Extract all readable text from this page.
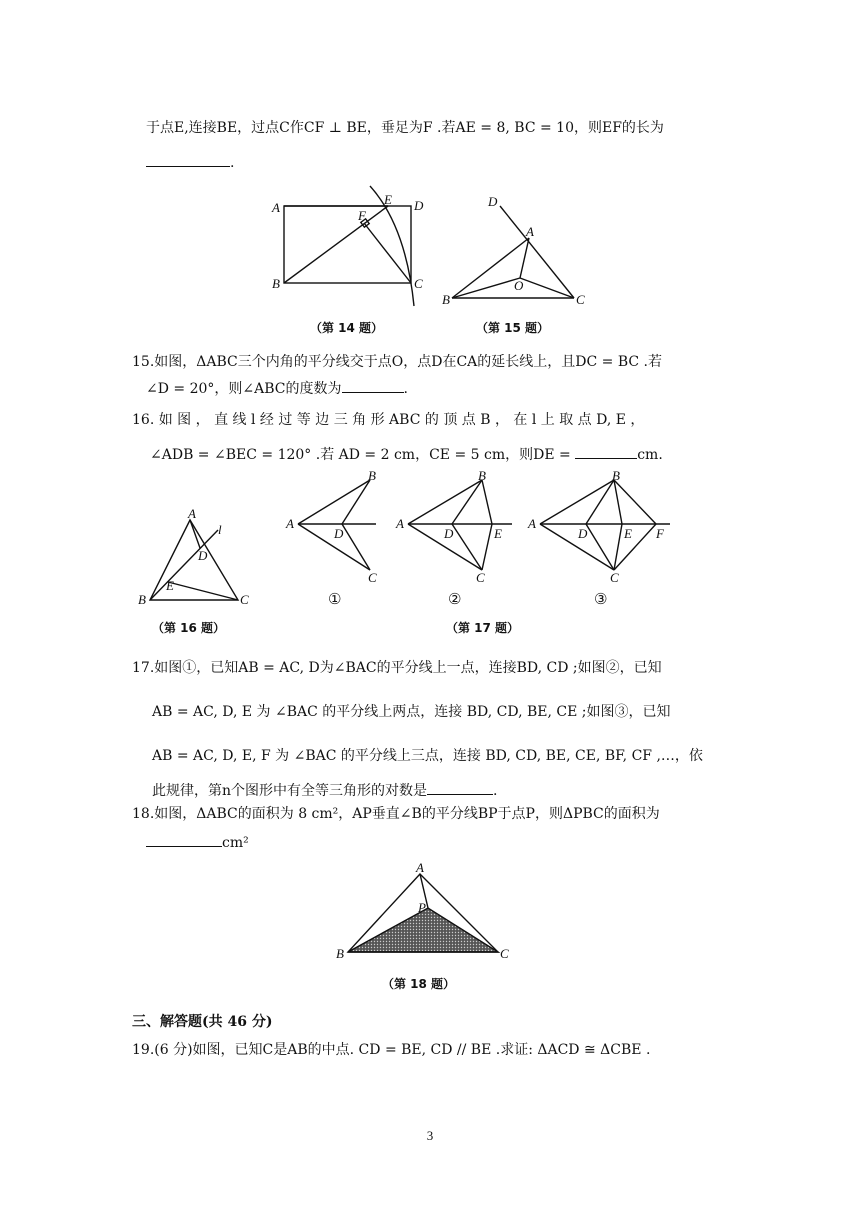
于点E,连接BE，过点C作CF ⊥ BE，垂足为F .若AE = 8, BC = 10，则EF的长为
.
A
E D
F
B	C
（第 14 题）
D
A
O
B	C
（第 15 题）
15.如图，ΔABC三个内角的平分线交于点O，点D在CA的延长线上，且DC = BC .若
∠D = 20°，则∠ABC的度数为	.
16. 如 图 ， 直 线 l 经 过 等 边 三 角 形 ABC 的 顶 点 B ， 在 l 上 取 点 D, E ，
∠ADB = ∠BEC = 120° .若 AD = 2 cm，CE = 5 cm，则DE =	cm.
A
l
D
E
B	C
（第 16 题）
A
B
D
C
A
B
D	E
C
A
B
D	E F
C
①	②	③
（第 17 题）
17.如图①，已知AB = AC, D为∠BAC的平分线上一点，连接BD, CD ;如图②，已知
AB = AC, D, E 为 ∠BAC 的平分线上两点，连接 BD, CD, BE, CE ;如图③，已知
AB = AC, D, E, F 为 ∠BAC 的平分线上三点，连接 BD, CD, BE, CE, BF, CF ,…，依
此规律，第n个图形中有全等三角形的对数是	.
18.如图，ΔABC的面积为 8 cm²，AP垂直∠B的平分线BP于点P，则ΔPBC的面积为
cm²
A
P
B	C
（第 18 题）
三、解答题(共 46 分)
19.(6 分)如图，已知C是AB的中点. CD = BE, CD // BE .求证: ΔACD ≅ ΔCBE .
3
